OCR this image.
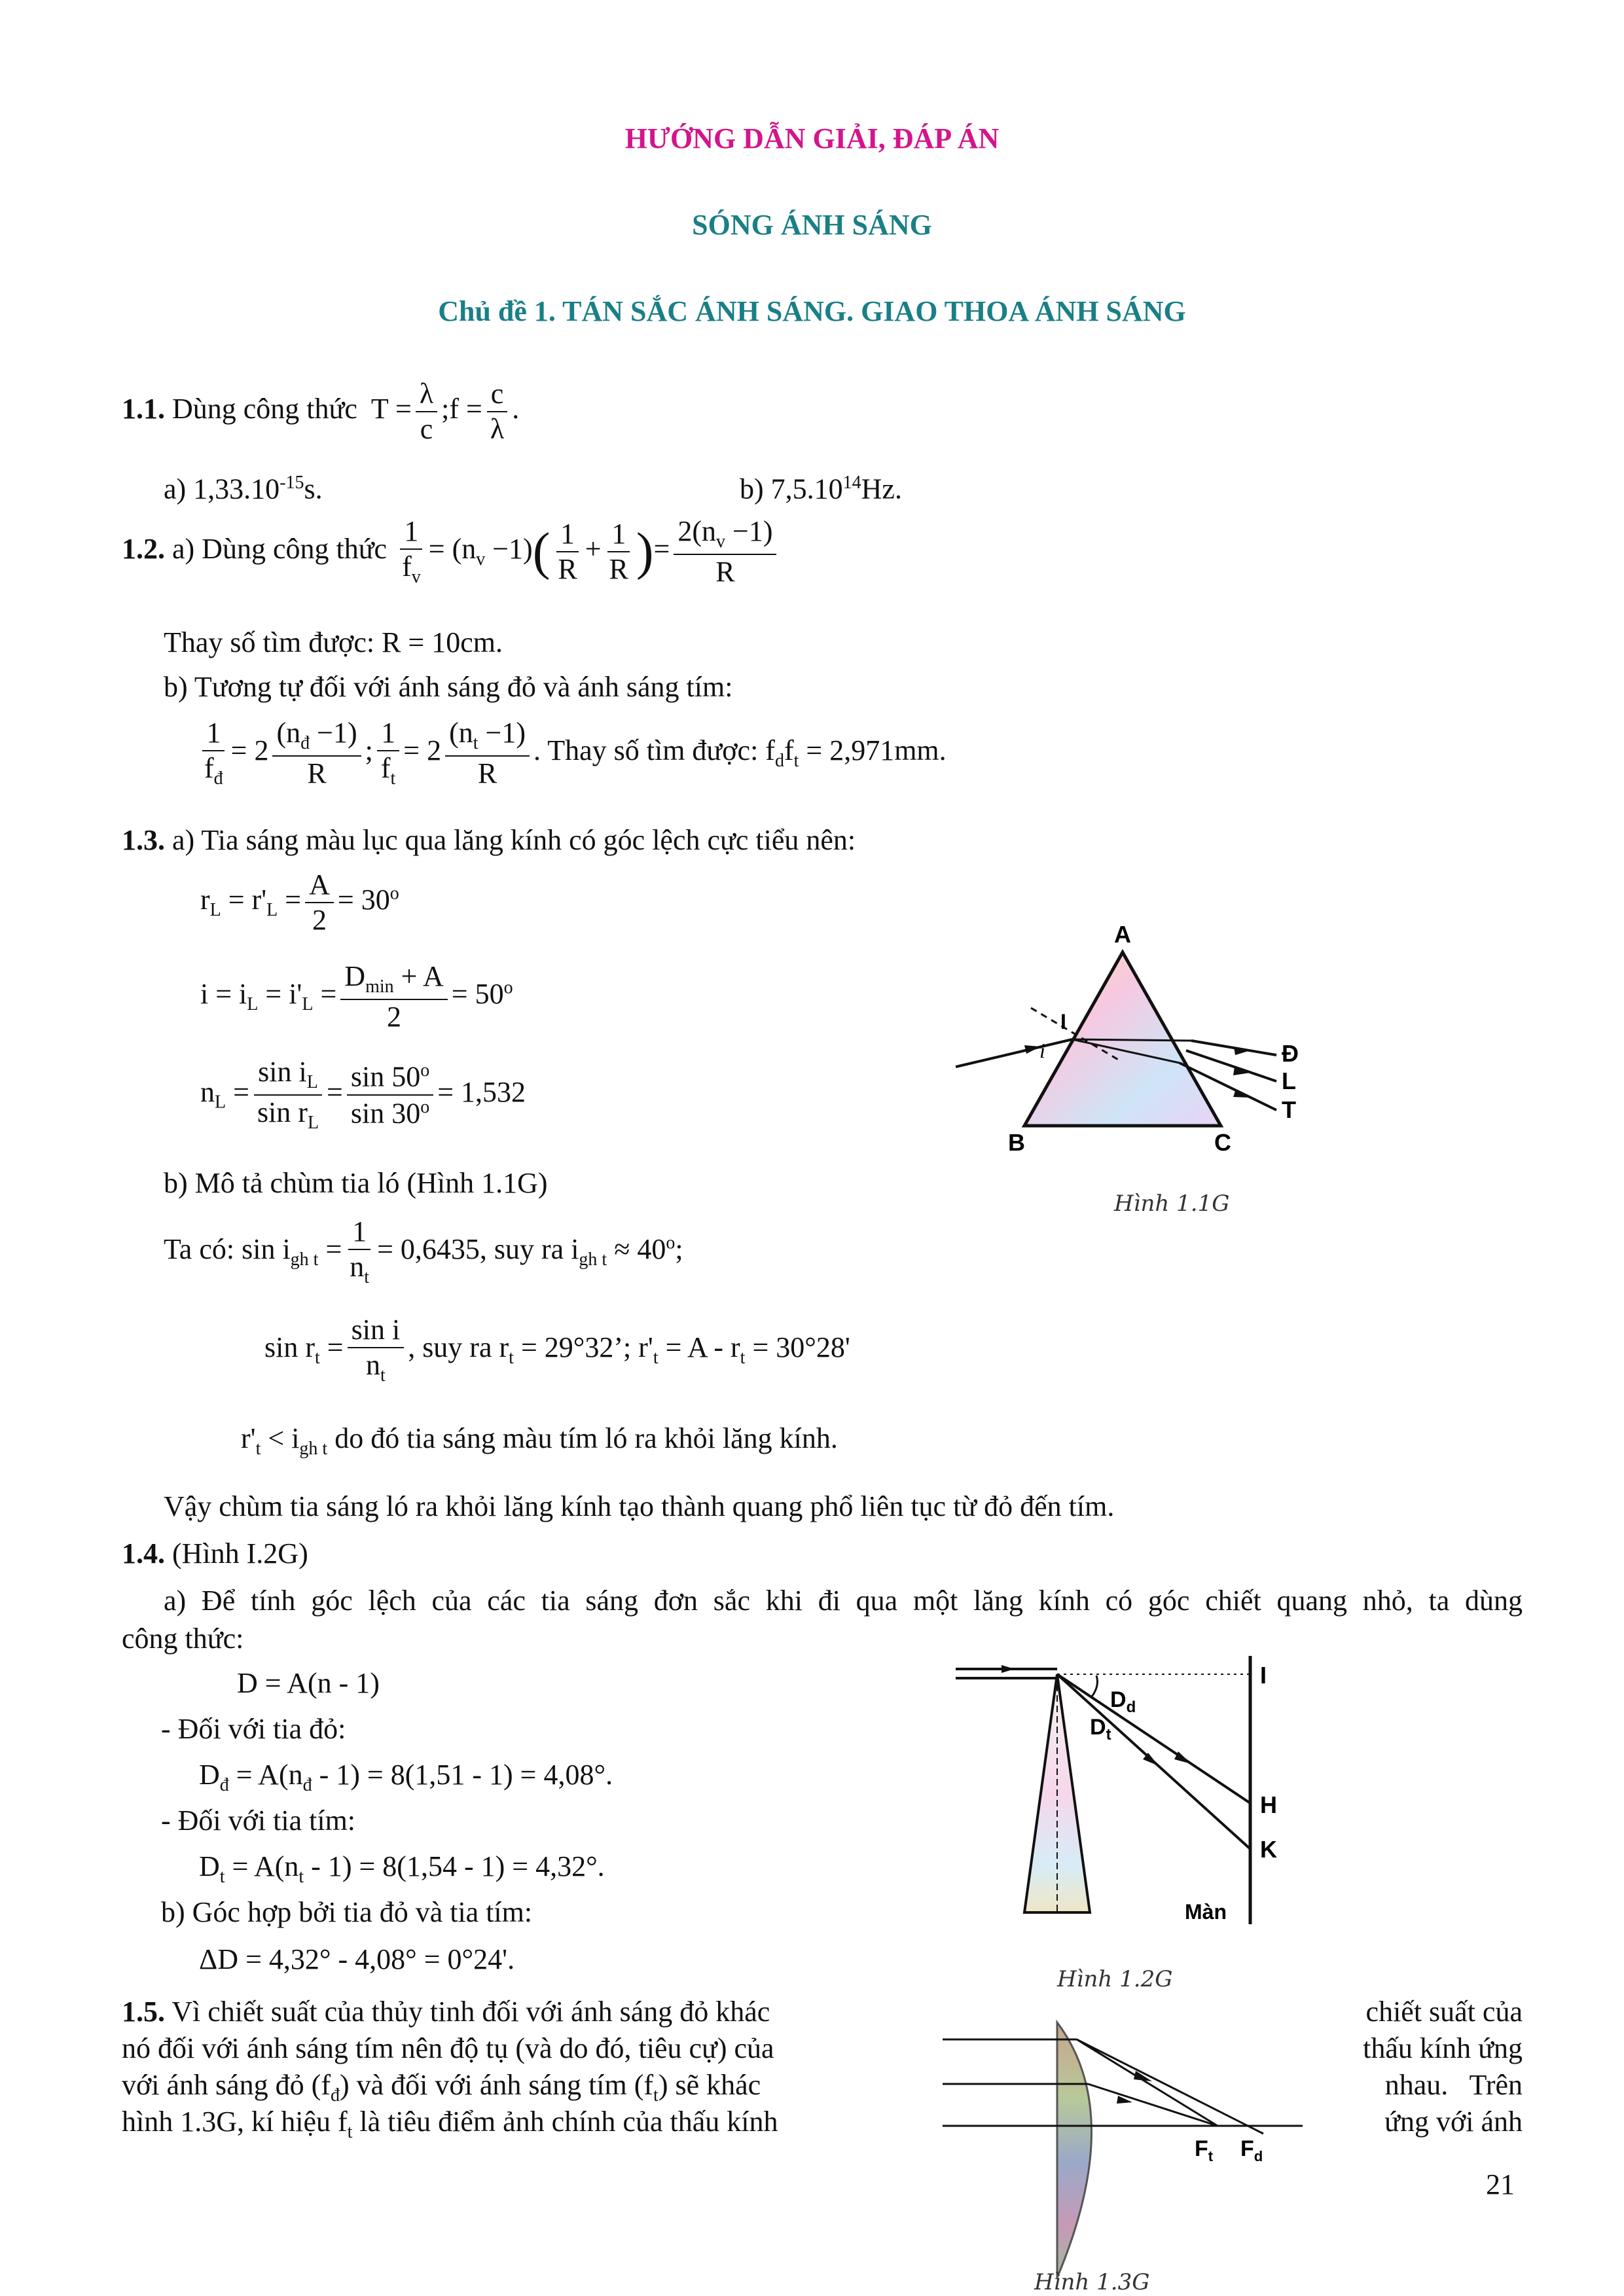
HƯỚNG DẪN GIẢI, ĐÁP ÁN
SÓNG ÁNH SÁNG
Chủ đề 1. TÁN SẮC ÁNH SÁNG. GIAO THOA ÁNH SÁNG
1.1. Dùng công thức $T = \frac{\lambda}{c}$ ;f = $\frac{c}{\lambda}$ .
a) $1,33.10^{-15}s$.	b) 7,5.10$^{14}$Hz.
1.2. a) Dùng công thức $\frac{1}{f_v} = (n_v -1)( \frac{1}{R} + \frac{1}{R}$ )= $\frac{2(n_v -1)}{R}$
Thay số tìm được: R = 10cm.
b) Tương tự đối với ánh sáng đỏ và ánh sáng tím:
$\frac{1}{f_đ} = 2 \frac{(n_đ -1)}{R}$ ; $\frac{1}{f_t} = 2 \frac{(n_t -1)}{R}$ . Thay số tìm được: $f_df_t = 2,971mm$.
1.3. a) Tia sáng màu lục qua lăng kính có góc lệch cực tiểu nên:
$r_L = r'_L = \frac{A}{2} = 30^o$
$i = i_L = i'_L = \frac{D_{min} + A}{2} = 50^o$
$n_L = \frac{\sin i_L}{\sin r_L} = \frac{\sin 50^o}{\sin 30^o} = 1,532$
b) Mô tả chùm tia ló (Hình 1.1G)
Ta có: $\sin i_{gh t} = \frac{1}{n_t} = 0,6435$, suy ra $i_{gh t} \approx 40^o$;
$\sin r_t = \frac{\text{sin i}}{n_t}$ , suy ra $r_t = 29^\circ 32$’; $r'_t = A - r_t = 30^\circ 28'$
$r'_t < i_{gh t}$ do đó tia sáng màu tím ló ra khỏi lăng kính.
Vậy chùm tia sáng ló ra khỏi lăng kính tạo thành quang phổ liên tục từ đỏ đến tím.
A
B	C
I
i	Đ
L
T
Hình 1.1G
1.4. (Hình I.2G)
a) Để tính góc lệch của các tia sáng đơn sắc khi đi qua một lăng kính có góc chiết quang nhỏ, ta dùng
công thức:
D = A(n - 1)
- Đối với tia đỏ:
$D_đ = A(n_đ - 1) = 8(1,51 - 1) = 4,08^\circ$.
- Đối với tia tím:
$D_t = A(n_t - 1) = 8(1,54 - 1) = 4,32^\circ$.
b) Góc hợp bởi tia đỏ và tia tím:
ΔD = 4,32° - 4,08° = 0°24'.
I
H
K
$D_d$
$D_t$
Màn
Hình 1.2G
1.5. Vì chiết suất của thủy tinh đối với ánh sáng đỏ khác
nó đối với ánh sáng tím nên độ tụ (và do đó, tiêu cự) của
với ánh sáng đỏ $(f_đ)$ và đối với ánh sáng tím $(f_t)$ sẽ khác
hình 1.3G, kí hiệu $f_t$ là tiêu điểm ảnh chính của thấu kính
chiết suất của
thấu kính ứng
nhau.   Trên
ứng với ánh
$F_t$ $F_d$
Hình 1.3G
21
